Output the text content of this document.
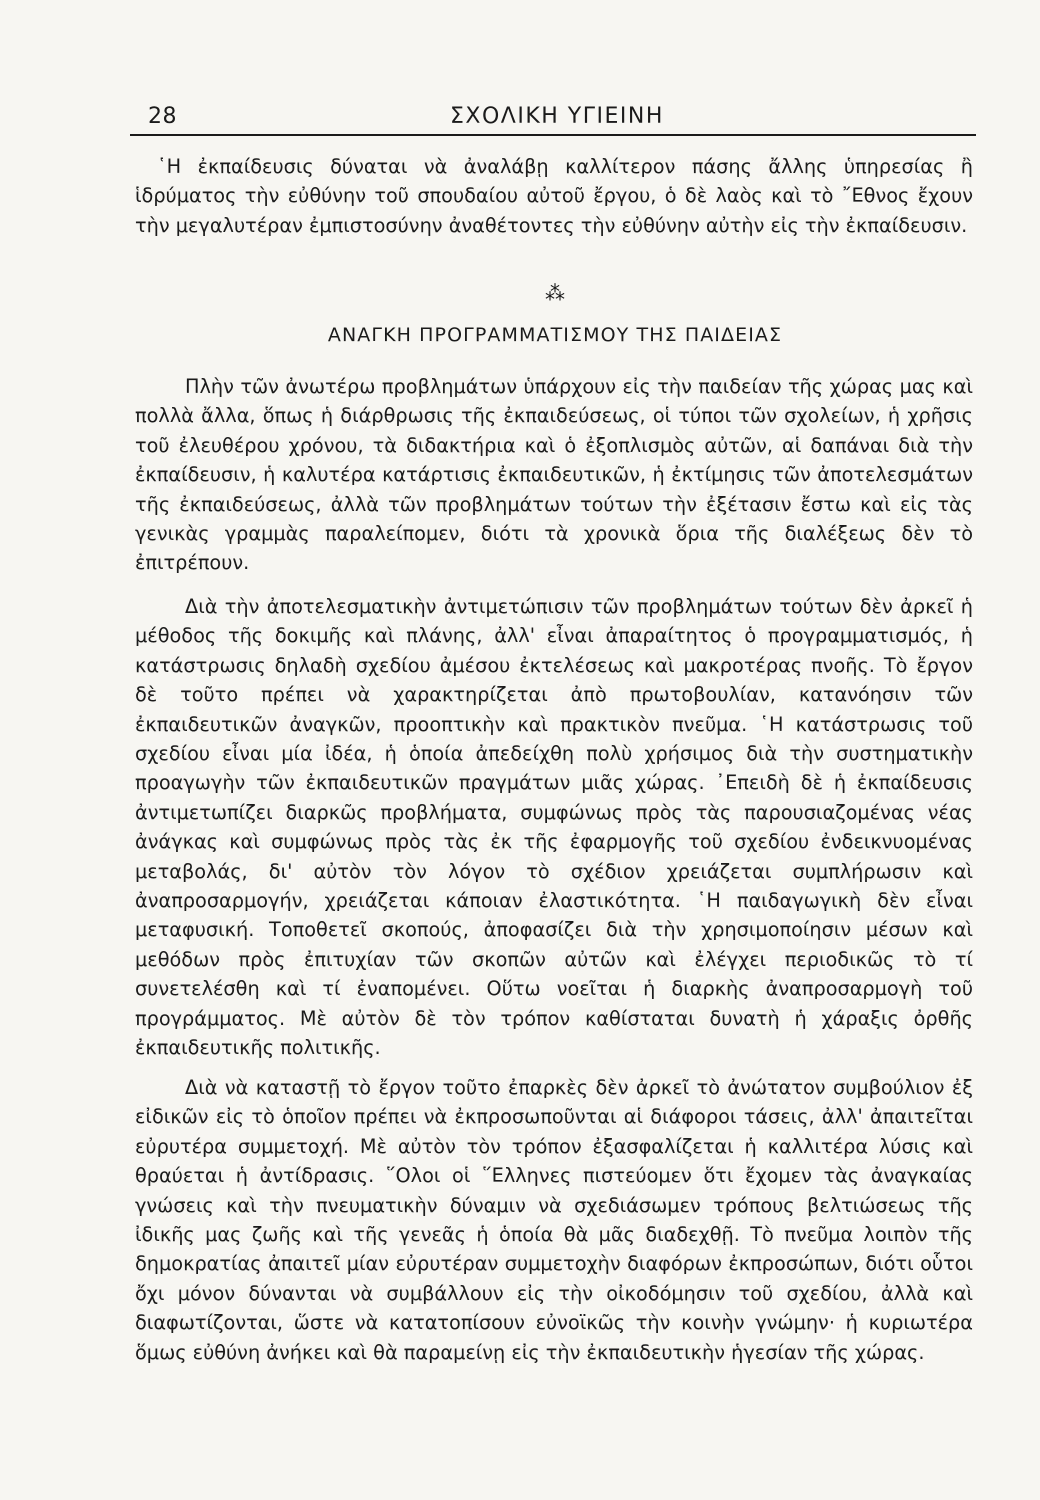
28	ΣΧΟΛΙΚΗ ΥΓΙΕΙΝΗ

῾Η ἐκπαίδευσις δύναται νὰ ἀναλάβῃ καλλίτερον πάσης ἄλλης ὑπηρεσίας ἢ ἱδρύματος τὴν εὐθύνην τοῦ σπουδαίου αὐτοῦ ἔργου, ὁ δὲ λαὸς καὶ τὸ ῎Εθνος ἔχουν τὴν μεγαλυτέραν ἐμπιστοσύνην ἀναθέτοντες τὴν εὐθύνην αὐτὴν εἰς τὴν ἐκπαίδευσιν.

⁂
ΑΝΑΓΚΗ ΠΡΟΓΡΑΜΜΑΤΙΣΜΟΥ ΤΗΣ ΠΑΙΔΕΙΑΣ

Πλὴν τῶν ἀνωτέρω προβλημάτων ὑπάρχουν εἰς τὴν παιδείαν τῆς χώρας μας καὶ πολλὰ ἄλλα, ὅπως ἡ διάρθρωσις τῆς ἐκπαιδεύσεως, οἱ τύποι τῶν σχολείων, ἡ χρῆσις τοῦ ἐλευθέρου χρόνου, τὰ διδακτήρια καὶ ὁ ἐξοπλισμὸς αὐτῶν, αἱ δαπάναι διὰ τὴν ἐκπαίδευσιν, ἡ καλυτέρα κατάρτισις ἐκπαιδευτικῶν, ἡ ἐκτίμησις τῶν ἀποτελεσμάτων τῆς ἐκπαιδεύσεως, ἀλλὰ τῶν προβλημάτων τούτων τὴν ἐξέτασιν ἔστω καὶ εἰς τὰς γενικὰς γραμμὰς παραλείπομεν, διότι τὰ χρονικὰ ὅρια τῆς διαλέξεως δὲν τὸ ἐπιτρέπουν.

Διὰ τὴν ἀποτελεσματικὴν ἀντιμετώπισιν τῶν προβλημάτων τούτων δὲν ἀρκεῖ ἡ μέθοδος τῆς δοκιμῆς καὶ πλάνης, ἀλλ' εἶναι ἀπαραίτητος ὁ προγραμματισμός, ἡ κατάστρωσις δηλαδὴ σχεδίου ἀμέσου ἐκτελέσεως καὶ μακροτέρας πνοῆς. Τὸ ἔργον δὲ τοῦτο πρέπει νὰ χαρακτηρίζεται ἀπὸ πρωτοβουλίαν, κατανόησιν τῶν ἐκπαιδευτικῶν ἀναγκῶν, προοπτικὴν καὶ πρακτικὸν πνεῦμα. ῾Η κατάστρωσις τοῦ σχεδίου εἶναι μία ἰδέα, ἡ ὁποία ἀπεδείχθη πολὺ χρήσιμος διὰ τὴν συστηματικὴν προαγωγὴν τῶν ἐκπαιδευτικῶν πραγμάτων μιᾶς χώρας. ᾿Επειδὴ δὲ ἡ ἐκπαίδευσις ἀντιμετωπίζει διαρκῶς προβλήματα, συμφώνως πρὸς τὰς παρουσιαζομένας νέας ἀνάγκας καὶ συμφώνως πρὸς τὰς ἐκ τῆς ἐφαρμογῆς τοῦ σχεδίου ἐνδεικνυομένας μεταβολάς, δι' αὐτὸν τὸν λόγον τὸ σχέδιον χρειάζεται συμπλήρωσιν καὶ ἀναπροσαρμογήν, χρειάζεται κάποιαν ἐλαστικότητα. ῾Η παιδαγωγικὴ δὲν εἶναι μεταφυσική. Τοποθετεῖ σκοπούς, ἀποφασίζει διὰ τὴν χρησιμοποίησιν μέσων καὶ μεθόδων πρὸς ἐπιτυχίαν τῶν σκοπῶν αὐτῶν καὶ ἐλέγχει περιοδικῶς τὸ τί συνετελέσθη καὶ τί ἐναπομένει. Οὕτω νοεῖται ἡ διαρκὴς ἀναπροσαρμογὴ τοῦ προγράμματος. Μὲ αὐτὸν δὲ τὸν τρόπον καθίσταται δυνατὴ ἡ χάραξις ὀρθῆς ἐκπαιδευτικῆς πολιτικῆς.

Διὰ νὰ καταστῇ τὸ ἔργον τοῦτο ἐπαρκὲς δὲν ἀρκεῖ τὸ ἀνώτατον συμβούλιον ἐξ εἰδικῶν εἰς τὸ ὁποῖον πρέπει νὰ ἐκπροσωποῦνται αἱ διάφοροι τάσεις, ἀλλ' ἀπαιτεῖται εὐρυτέρα συμμετοχή. Μὲ αὐτὸν τὸν τρόπον ἐξασφαλίζεται ἡ καλλιτέρα λύσις καὶ θραύεται ἡ ἀντίδρασις. ῞Ολοι οἱ ῞Ελληνες πιστεύομεν ὅτι ἔχομεν τὰς ἀναγκαίας γνώσεις καὶ τὴν πνευματικὴν δύναμιν νὰ σχεδιάσωμεν τρόπους βελτιώσεως τῆς ἰδικῆς μας ζωῆς καὶ τῆς γενεᾶς ἡ ὁποία θὰ μᾶς διαδεχθῇ. Τὸ πνεῦμα λοιπὸν τῆς δημοκρατίας ἀπαιτεῖ μίαν εὐρυτέραν συμμετοχὴν διαφόρων ἐκπροσώπων, διότι οὗτοι ὄχι μόνον δύνανται νὰ συμβάλλουν εἰς τὴν οἰκοδόμησιν τοῦ σχεδίου, ἀλλὰ καὶ διαφωτίζονται, ὥστε νὰ κατατοπίσουν εὐνοϊκῶς τὴν κοινὴν γνώμην· ἡ κυριωτέρα ὅμως εὐθύνη ἀνήκει καὶ θὰ παραμείνῃ εἰς τὴν ἐκπαιδευτικὴν ἡγεσίαν τῆς χώρας.
